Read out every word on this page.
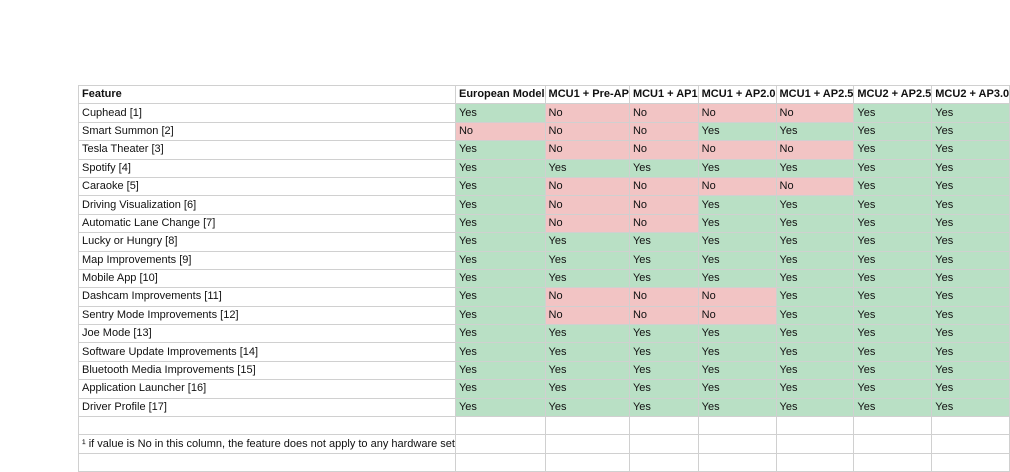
Feature	European Model	MCU1 + Pre-AP	MCU1 + AP1	MCU1 + AP2.0	MCU1 + AP2.5	MCU2 + AP2.5	MCU2 + AP3.0
Cuphead [1]	Yes	No	No	No	No	Yes	Yes
Smart Summon [2]	No	No	No	Yes	Yes	Yes	Yes
Tesla Theater [3]	Yes	No	No	No	No	Yes	Yes
Spotify [4]	Yes	Yes	Yes	Yes	Yes	Yes	Yes
Caraoke [5]	Yes	No	No	No	No	Yes	Yes
Driving Visualization [6]	Yes	No	No	Yes	Yes	Yes	Yes
Automatic Lane Change [7]	Yes	No	No	Yes	Yes	Yes	Yes
Lucky or Hungry [8]	Yes	Yes	Yes	Yes	Yes	Yes	Yes
Map Improvements [9]	Yes	Yes	Yes	Yes	Yes	Yes	Yes
Mobile App [10]	Yes	Yes	Yes	Yes	Yes	Yes	Yes
Dashcam Improvements [11]	Yes	No	No	No	Yes	Yes	Yes
Sentry Mode Improvements [12]	Yes	No	No	No	Yes	Yes	Yes
Joe Mode [13]	Yes	Yes	Yes	Yes	Yes	Yes	Yes
Software Update Improvements [14]	Yes	Yes	Yes	Yes	Yes	Yes	Yes
Bluetooth Media Improvements [15]	Yes	Yes	Yes	Yes	Yes	Yes	Yes
Application Launcher [16]	Yes	Yes	Yes	Yes	Yes	Yes	Yes
Driver Profile [17]	Yes	Yes	Yes	Yes	Yes	Yes	Yes

¹ if value is No in this column, the feature does not apply to any hardware set							
